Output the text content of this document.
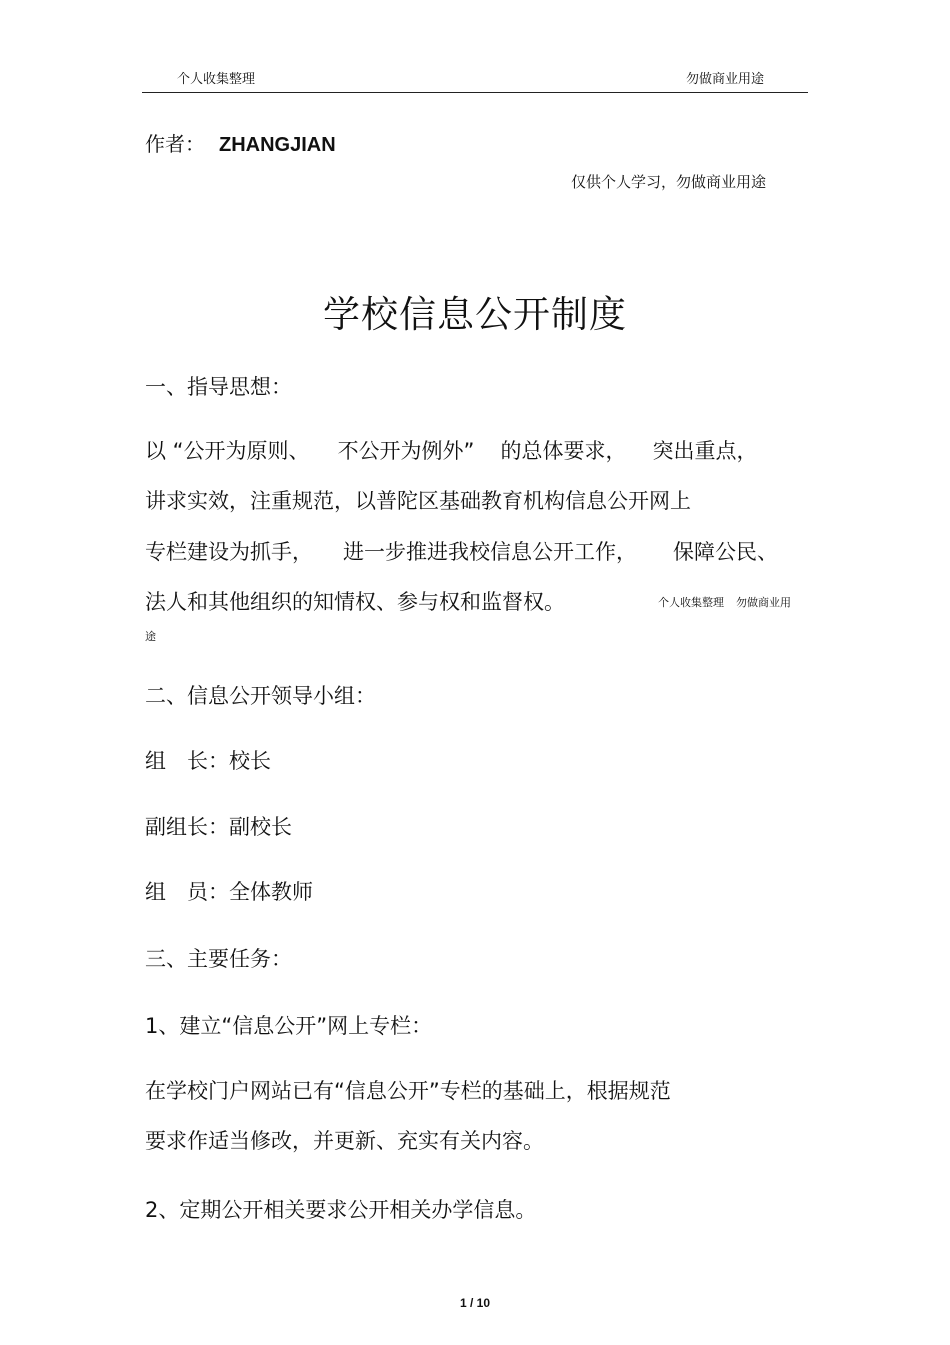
个人收集整理	勿做商业用途
作者： ZHANGJIAN
仅供个人学习，勿做商业用途
学校信息公开制度
一、指导思想：
以 “公开为原则、 不公开为例外” 的总体要求， 突出重点，
讲求实效，注重规范，以普陀区基础教育机构信息公开网上
专栏建设为抓手， 进一步推进我校信息公开工作， 保障公民、
法人和其他组织的知情权、参与权和监督权。	个人收集整理 勿做商业用
途
二、信息公开领导小组：
组　长：校长
副组长：副校长
组　员：全体教师
三、主要任务：
1、建立“信息公开”网上专栏：
在学校门户网站已有“信息公开”专栏的基础上，根据规范
要求作适当修改，并更新、充实有关内容。
2、定期公开相关要求公开相关办学信息。
1 / 10
